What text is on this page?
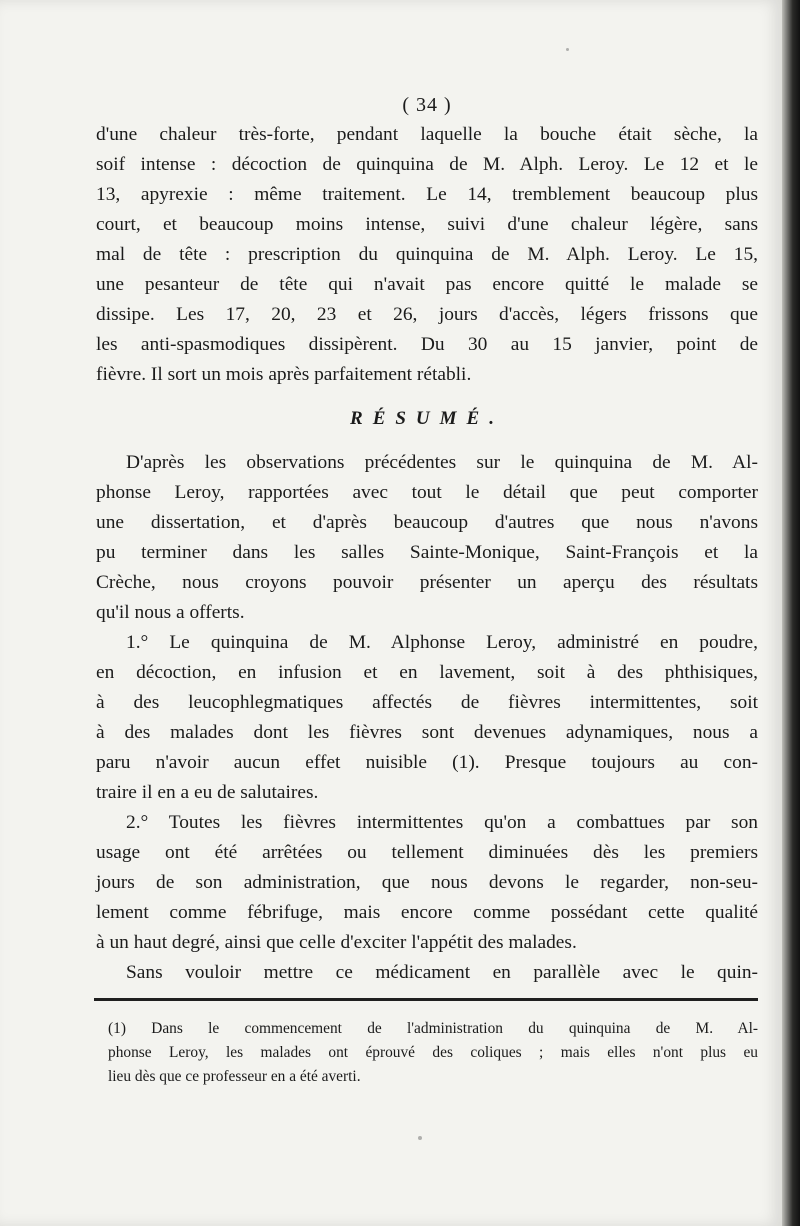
( 34 )
d'une chaleur très-forte, pendant laquelle la bouche était sèche, la
soif intense : décoction de quinquina de M. Alph. Leroy. Le 12 et le
13, apyrexie : même traitement. Le 14, tremblement beaucoup plus
court, et beaucoup moins intense, suivi d'une chaleur légère, sans
mal de tête : prescription du quinquina de M. Alph. Leroy. Le 15,
une pesanteur de tête qui n'avait pas encore quitté le malade se
dissipe. Les 17, 20, 23 et 26, jours d'accès, légers frissons que
les anti-spasmodiques dissipèrent. Du 30 au 15 janvier, point de
fièvre. Il sort un mois après parfaitement rétabli.
RÉSUMÉ.
D'après les observations précédentes sur le quinquina de M. Al-
phonse Leroy, rapportées avec tout le détail que peut comporter
une dissertation, et d'après beaucoup d'autres que nous n'avons
pu terminer dans les salles Sainte-Monique, Saint-François et la
Crèche, nous croyons pouvoir présenter un aperçu des résultats
qu'il nous a offerts.
1.° Le quinquina de M. Alphonse Leroy, administré en poudre,
en décoction, en infusion et en lavement, soit à des phthisiques,
à des leucophlegmatiques affectés de fièvres intermittentes, soit
à des malades dont les fièvres sont devenues adynamiques, nous a
paru n'avoir aucun effet nuisible (1). Presque toujours au con-
traire il en a eu de salutaires.
2.° Toutes les fièvres intermittentes qu'on a combattues par son
usage ont été arrêtées ou tellement diminuées dès les premiers
jours de son administration, que nous devons le regarder, non-seu-
lement comme fébrifuge, mais encore comme possédant cette qualité
à un haut degré, ainsi que celle d'exciter l'appétit des malades.
Sans vouloir mettre ce médicament en parallèle avec le quin-
(1) Dans le commencement de l'administration du quinquina de M. Al-
phonse Leroy, les malades ont éprouvé des coliques ; mais elles n'ont plus eu
lieu dès que ce professeur en a été averti.
